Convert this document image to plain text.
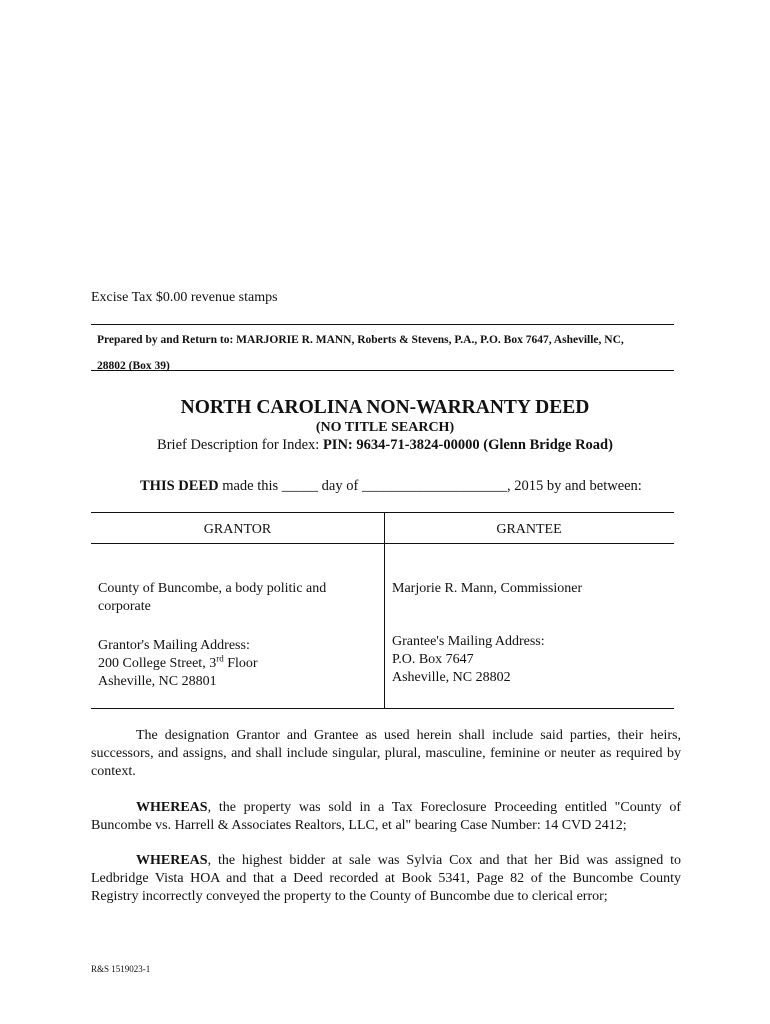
Excise Tax $0.00 revenue stamps
Prepared by and Return to: MARJORIE R. MANN, Roberts & Stevens, P.A., P.O. Box 7647, Asheville, NC,
28802 (Box 39)
NORTH CAROLINA NON-WARRANTY DEED
(NO TITLE SEARCH)
Brief Description for Index: PIN: 9634-71-3824-00000 (Glenn Bridge Road)
THIS DEED made this _____ day of ____________________, 2015 by and between:
GRANTOR	GRANTEE
County of Buncombe, a body politic and
corporate
Grantor's Mailing Address:
200 College Street, 3rd Floor
Asheville, NC 28801
Marjorie R. Mann, Commissioner
Grantee's Mailing Address:
P.O. Box 7647
Asheville, NC 28802
The designation Grantor and Grantee as used herein shall include said parties, their heirs, successors, and assigns, and shall include singular, plural, masculine, feminine or neuter as required by context.
WHEREAS, the property was sold in a Tax Foreclosure Proceeding entitled "County of Buncombe vs. Harrell & Associates Realtors, LLC, et al" bearing Case Number: 14 CVD 2412;
WHEREAS, the highest bidder at sale was Sylvia Cox and that her Bid was assigned to Ledbridge Vista HOA and that a Deed recorded at Book 5341, Page 82 of the Buncombe County Registry incorrectly conveyed the property to the County of Buncombe due to clerical error;
R&S 1519023-1
